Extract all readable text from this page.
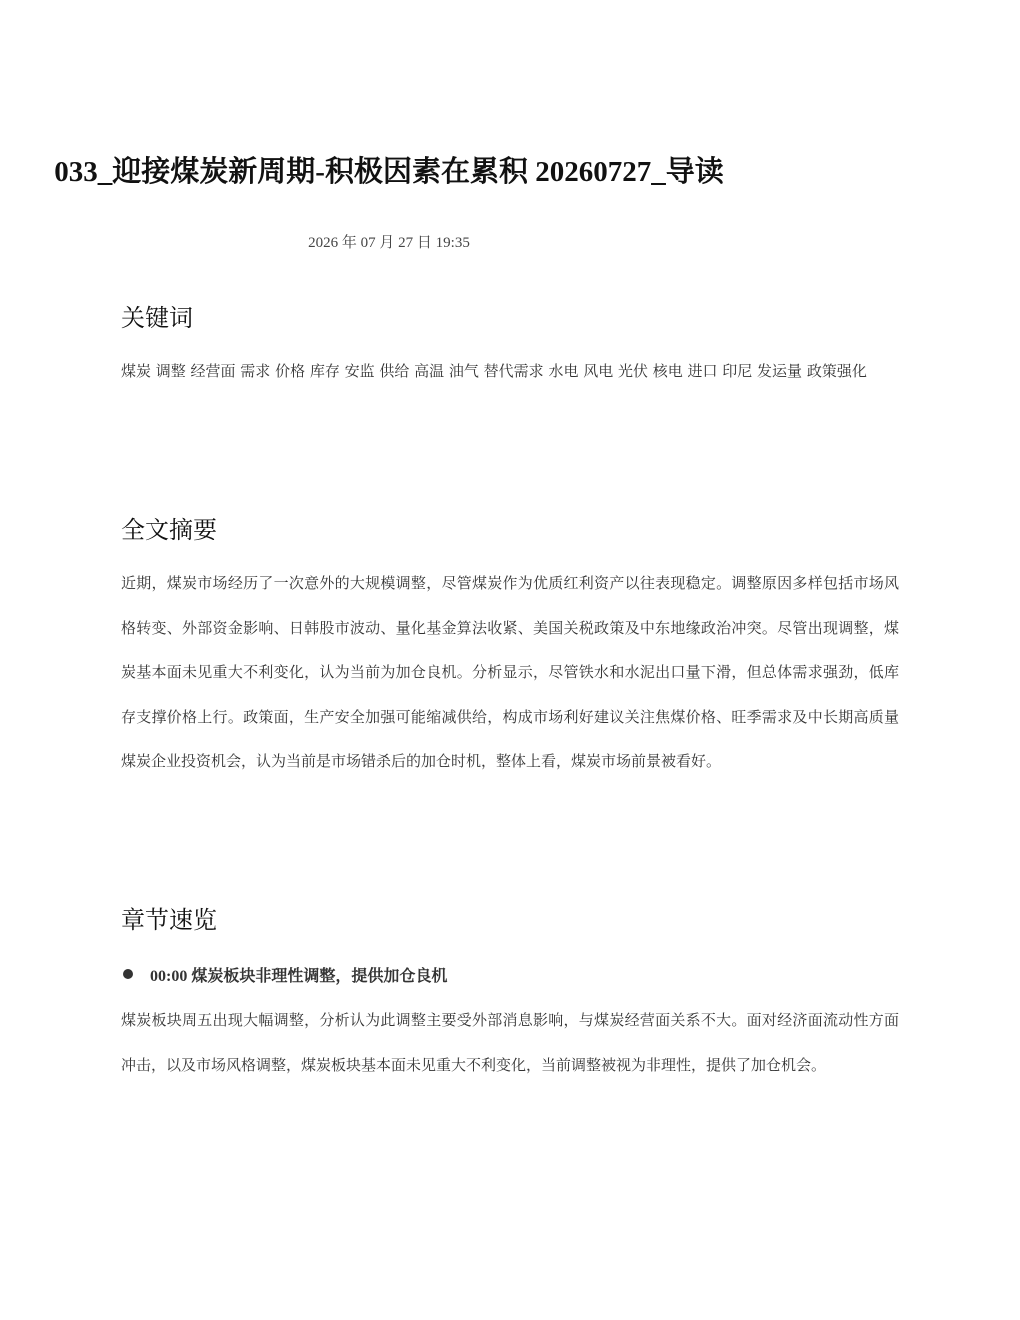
033_迎接煤炭新周期-积极因素在累积 20260727_导读
2026 年 07 月 27 日 19:35
关键词

煤炭 调整 经营面 需求 价格 库存 安监 供给 高温 油气 替代需求 水电 风电 光伏 核电 进口 印尼 发运量 政策强化

全文摘要

近期，煤炭市场经历了一次意外的大规模调整，尽管煤炭作为优质红利资产以往表现稳定。调整原因多样包括市场风格转变、外部资金影响、日韩股市波动、量化基金算法收紧、美国关税政策及中东地缘政治冲突。尽管出现调整，煤炭基本面未见重大不利变化，认为当前为加仓良机。分析显示，尽管铁水和水泥出口量下滑，但总体需求强劲，低库存支撑价格上行。政策面，生产安全加强可能缩减供给，构成市场利好建议关注焦煤价格、旺季需求及中长期高质量煤炭企业投资机会，认为当前是市场错杀后的加仓时机，整体上看，煤炭市场前景被看好。

章节速览
00:00 煤炭板块非理性调整，提供加仓良机

煤炭板块周五出现大幅调整，分析认为此调整主要受外部消息影响，与煤炭经营面关系不大。面对经济面流动性方面冲击，以及市场风格调整，煤炭板块基本面未见重大不利变化，当前调整被视为非理性，提供了加仓机会。
